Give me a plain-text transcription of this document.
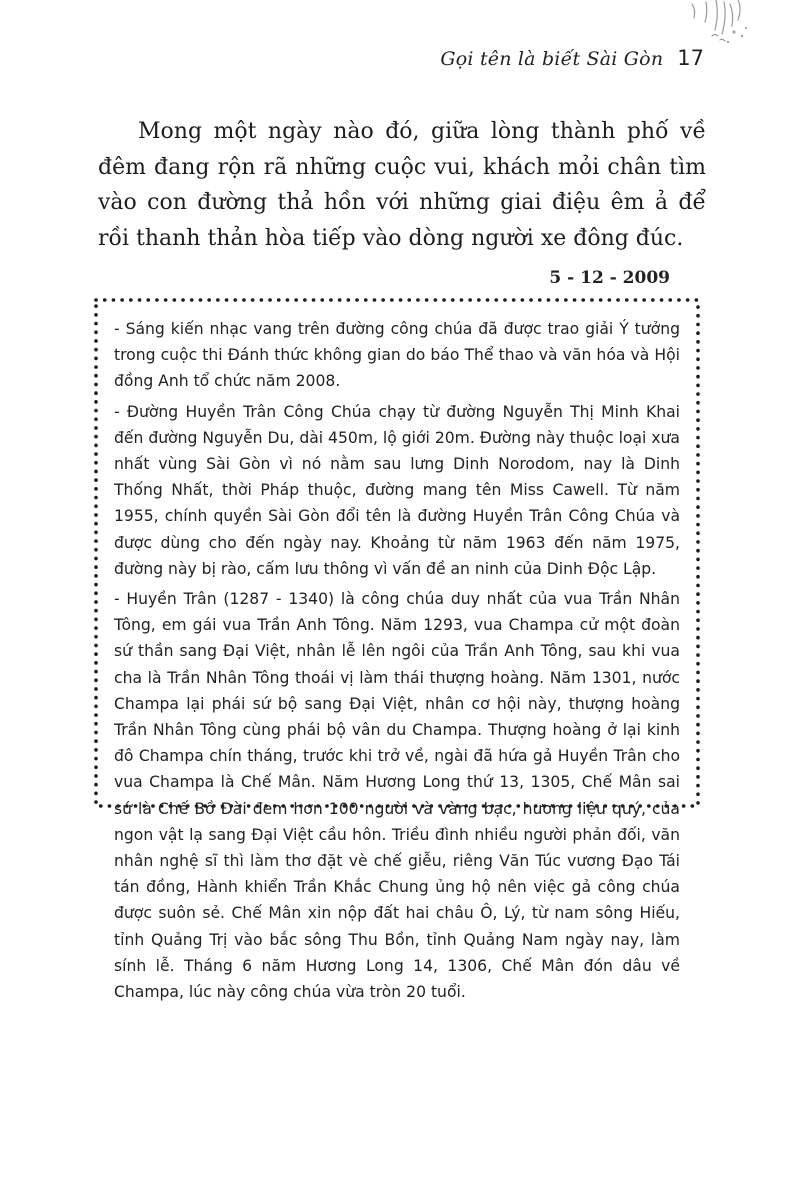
Gọi tên là biết Sài Gòn 17

Mong một ngày nào đó, giữa lòng thành phố về đêm đang rộn rã những cuộc vui, khách mỏi chân tìm vào con đường thả hồn với những giai điệu êm ả để rồi thanh thản hòa tiếp vào dòng người xe đông đúc.

5 - 12 - 2009

- Sáng kiến nhạc vang trên đường công chúa đã được trao giải Ý tưởng trong cuộc thi Đánh thức không gian do báo Thể thao và văn hóa và Hội đồng Anh tổ chức năm 2008.

- Đường Huyền Trân Công Chúa chạy từ đường Nguyễn Thị Minh Khai đến đường Nguyễn Du, dài 450m, lộ giới 20m. Đường này thuộc loại xưa nhất vùng Sài Gòn vì nó nằm sau lưng Dinh Norodom, nay là Dinh Thống Nhất, thời Pháp thuộc, đường mang tên Miss Cawell. Từ năm 1955, chính quyền Sài Gòn đổi tên là đường Huyền Trân Công Chúa và được dùng cho đến ngày nay. Khoảng từ năm 1963 đến năm 1975, đường này bị rào, cấm lưu thông vì vấn đề an ninh của Dinh Độc Lập.

- Huyền Trân (1287 - 1340) là công chúa duy nhất của vua Trần Nhân Tông, em gái vua Trần Anh Tông. Năm 1293, vua Champa cử một đoàn sứ thần sang Đại Việt, nhân lễ lên ngôi của Trần Anh Tông, sau khi vua cha là Trần Nhân Tông thoái vị làm thái thượng hoàng. Năm 1301, nước Champa lại phái sứ bộ sang Đại Việt, nhân cơ hội này, thượng hoàng Trần Nhân Tông cùng phái bộ vân du Champa. Thượng hoàng ở lại kinh đô Champa chín tháng, trước khi trở về, ngài đã hứa gả Huyền Trân cho vua Champa là Chế Mân. Năm Hương Long thứ 13, 1305, Chế Mân sai sứ là Chế Bồ Đài đem hơn 100 người và vàng bạc, hương liệu quý, của ngon vật lạ sang Đại Việt cầu hôn. Triều đình nhiều người phản đối, văn nhân nghệ sĩ thì làm thơ đặt vè chế giễu, riêng Văn Túc vương Đạo Tái tán đồng, Hành khiển Trần Khắc Chung ủng hộ nên việc gả công chúa được suôn sẻ. Chế Mân xin nộp đất hai châu Ô, Lý, từ nam sông Hiếu, tỉnh Quảng Trị vào bắc sông Thu Bồn, tỉnh Quảng Nam ngày nay, làm sính lễ. Tháng 6 năm Hương Long 14, 1306, Chế Mân đón dâu về Champa, lúc này công chúa vừa tròn 20 tuổi.
